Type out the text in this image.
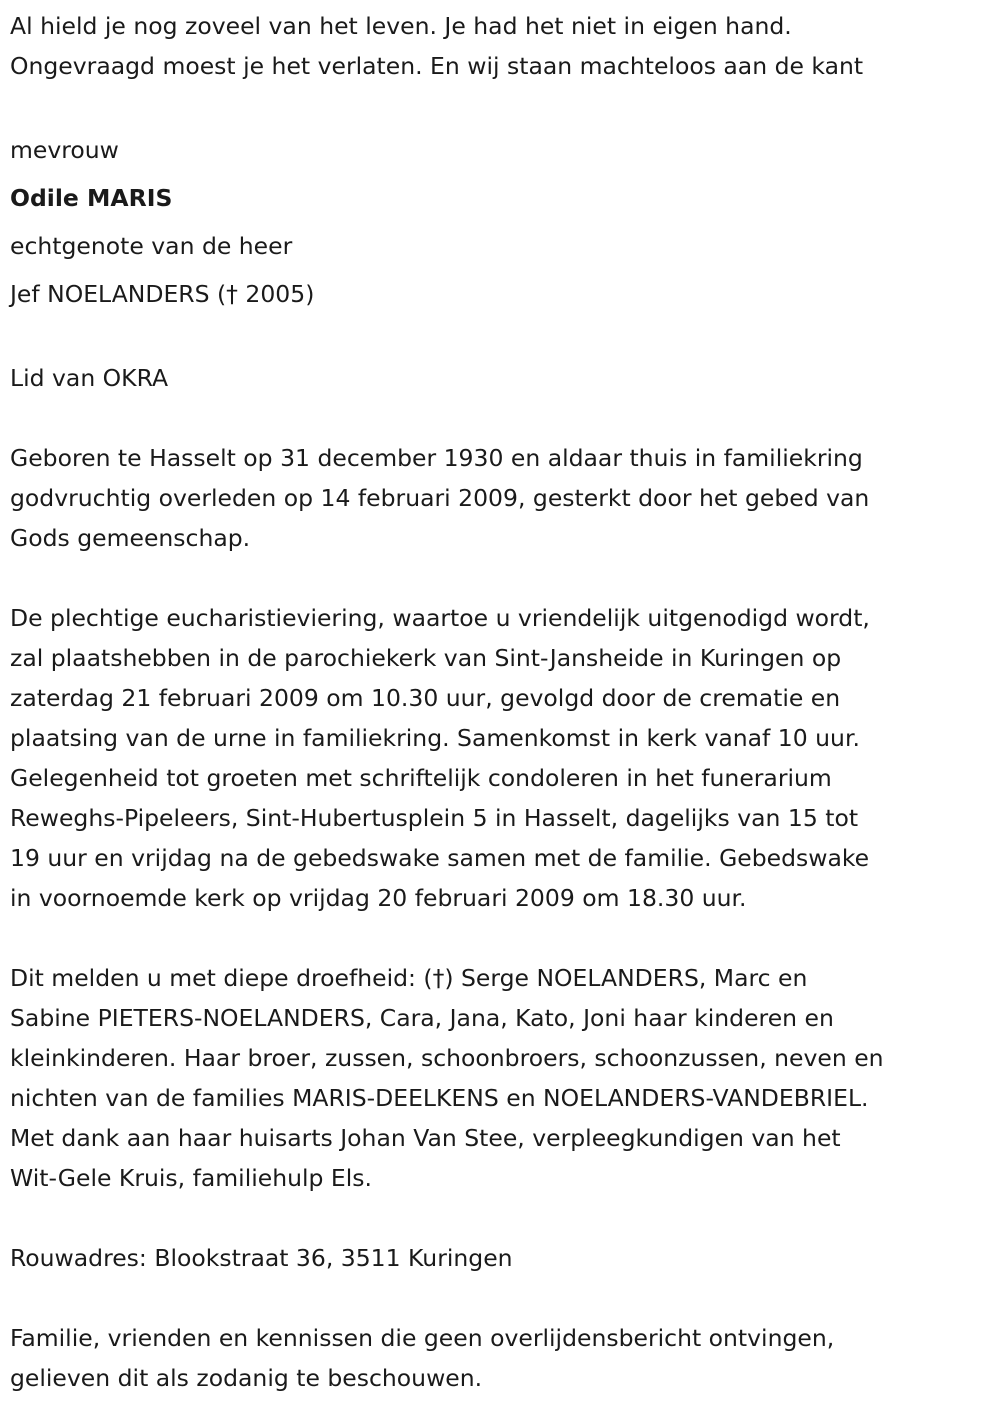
Al hield je nog zoveel van het leven. Je had het niet in eigen hand.
Ongevraagd moest je het verlaten. En wij staan machteloos aan de kant
mevrouw
Odile MARIS
echtgenote van de heer
Jef NOELANDERS († 2005)
Lid van OKRA
Geboren te Hasselt op 31 december 1930 en aldaar thuis in familiekring
godvruchtig overleden op 14 februari 2009, gesterkt door het gebed van
Gods gemeenschap.
De plechtige eucharistieviering, waartoe u vriendelijk uitgenodigd wordt,
zal plaatshebben in de parochiekerk van Sint-Jansheide in Kuringen op
zaterdag 21 februari 2009 om 10.30 uur, gevolgd door de crematie en
plaatsing van de urne in familiekring. Samenkomst in kerk vanaf 10 uur.
Gelegenheid tot groeten met schriftelijk condoleren in het funerarium
Reweghs-Pipeleers, Sint-Hubertusplein 5 in Hasselt, dagelijks van 15 tot
19 uur en vrijdag na de gebedswake samen met de familie. Gebedswake
in voornoemde kerk op vrijdag 20 februari 2009 om 18.30 uur.
Dit melden u met diepe droefheid: (†) Serge NOELANDERS, Marc en
Sabine PIETERS-NOELANDERS, Cara, Jana, Kato, Joni haar kinderen en
kleinkinderen. Haar broer, zussen, schoonbroers, schoonzussen, neven en
nichten van de families MARIS-DEELKENS en NOELANDERS-VANDEBRIEL.
Met dank aan haar huisarts Johan Van Stee, verpleegkundigen van het
Wit-Gele Kruis, familiehulp Els.
Rouwadres: Blookstraat 36, 3511 Kuringen
Familie, vrienden en kennissen die geen overlijdensbericht ontvingen,
gelieven dit als zodanig te beschouwen.
